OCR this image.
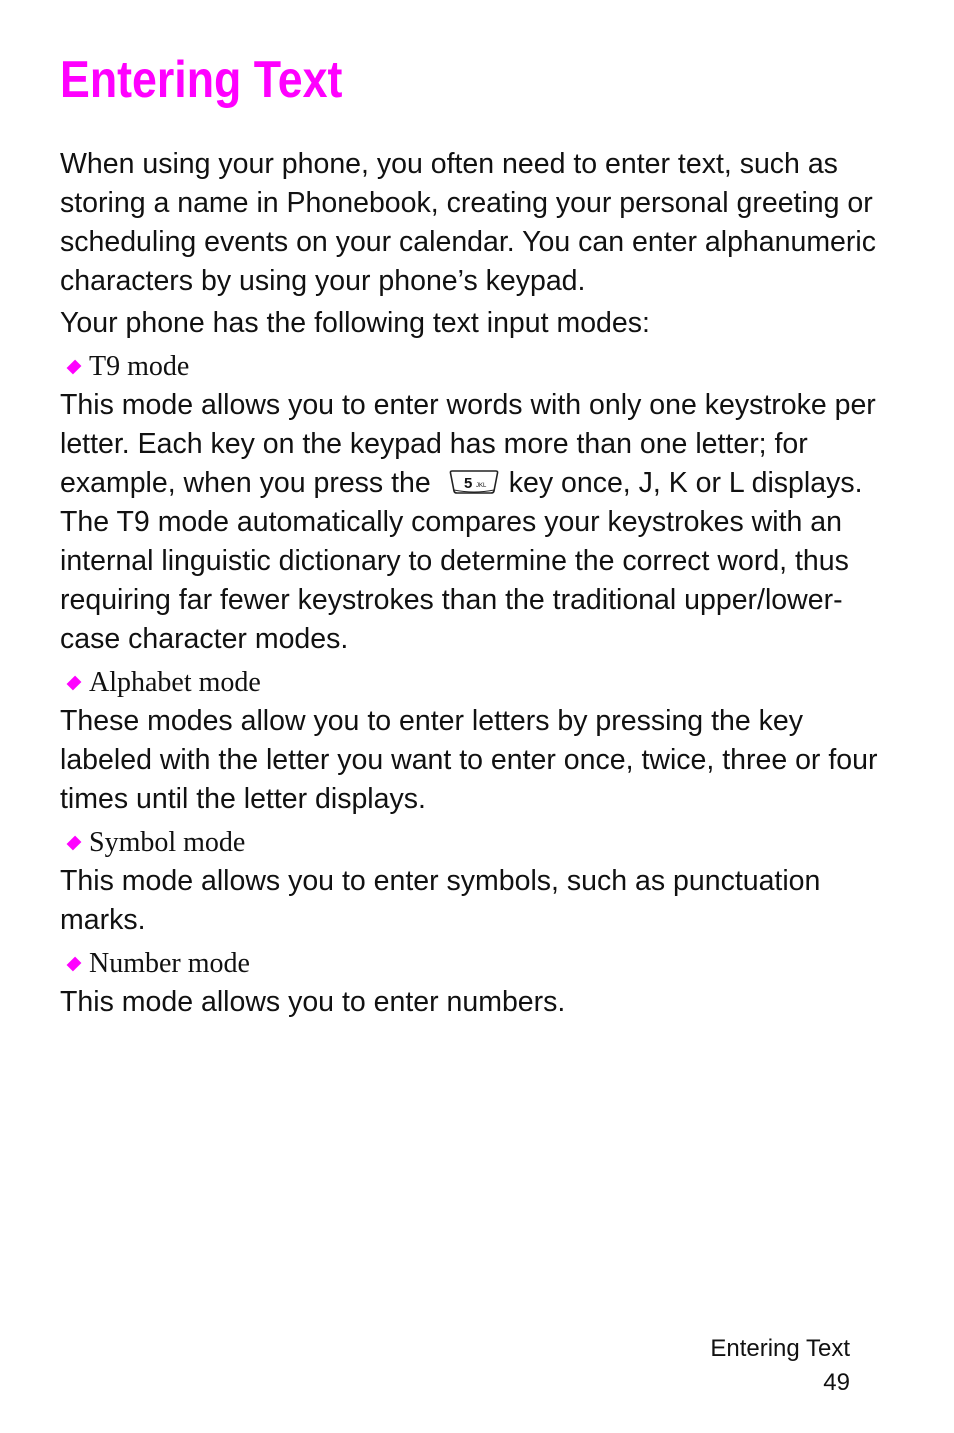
Entering Text

When using your phone, you often need to enter text, such as storing a name in Phonebook, creating your personal greeting or scheduling events on your calendar. You can enter alphanumeric characters by using your phone’s keypad.

Your phone has the following text input modes:

T9 mode

This mode allows you to enter words with only one keystroke per letter. Each key on the keypad has more than one letter; for example, when you press the 5 JKL key once, J, K or L displays. The T9 mode automatically compares your keystrokes with an internal linguistic dictionary to determine the correct word, thus requiring far fewer keystrokes than the traditional upper/lower-case character modes.

Alphabet mode

These modes allow you to enter letters by pressing the key labeled with the letter you want to enter once, twice, three or four times until the letter displays.

Symbol mode

This mode allows you to enter symbols, such as punctuation marks.

Number mode

This mode allows you to enter numbers.

Entering Text
49
